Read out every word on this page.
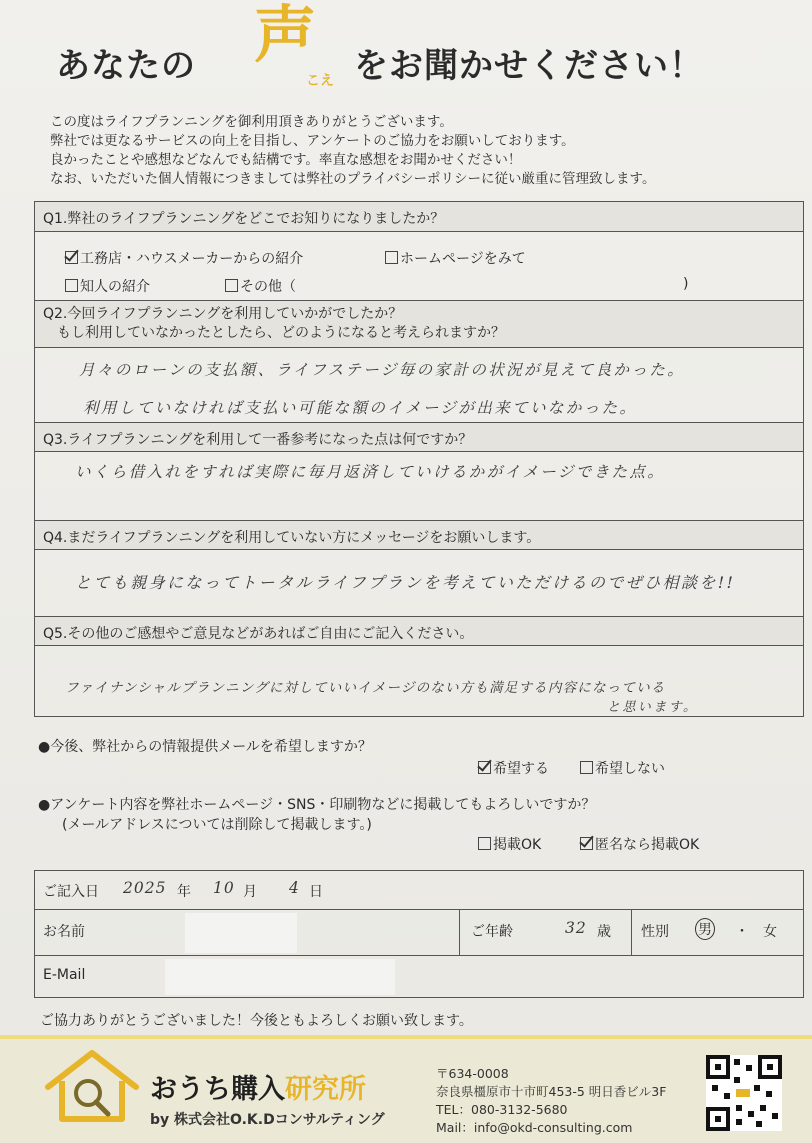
あなたの 声
こえ をお聞かせください！
この度はライフプランニングを御利用頂きありがとうございます。
弊社では更なるサービスの向上を目指し、アンケートのご協力をお願いしております。
良かったことや感想などなんでも結構です。率直な感想をお聞かせください！
なお、いただいた個人情報につきましては弊社のプライバシーポリシーに従い厳重に管理致します。
Q1.弊社のライフプランニングをどこでお知りになりましたか？
工務店・ハウスメーカーからの紹介	ホームページをみて
知人の紹介	その他（	)
Q2.今回ライフプランニングを利用していかがでしたか？
　もし利用していなかったとしたら、どのようになると考えられますか？
月々のローンの支払額、ライフステージ毎の家計の状況が見えて良かった。
利用していなければ支払い可能な額のイメージが出来ていなかった。
Q3.ライフプランニングを利用して一番参考になった点は何ですか？
いくら借入れをすれば実際に毎月返済していけるかがイメージできた点。
Q4.まだライフプランニングを利用していない方にメッセージをお願いします。
とても親身になってトータルライフプランを考えていただけるのでぜひ相談を!!
Q5.その他のご感想やご意見などがあればご自由にご記入ください。
ファイナンシャルプランニングに対していいイメージのない方も満足する内容になっている
と思います。
●今後、弊社からの情報提供メールを希望しますか？
希望する	希望しない
●アンケート内容を弊社ホームページ・SNS・印刷物などに掲載してもよろしいですか？
(メールアドレスについては削除して掲載します。)
掲載OK	匿名なら掲載OK
ご記入日 2025 年 10 月 4 日
お名前	ご年齢	32 歳 性別 男 ・ 女
E-Mail
ご協力ありがとうございました！今後ともよろしくお願い致します。
おうち購入研究所
by 株式会社O.K.Dコンサルティング
〒634-0008
奈良県橿原市十市町453-5 明日香ビル3F
TEL：080-3132-5680
Mail：info@okd-consulting.com
